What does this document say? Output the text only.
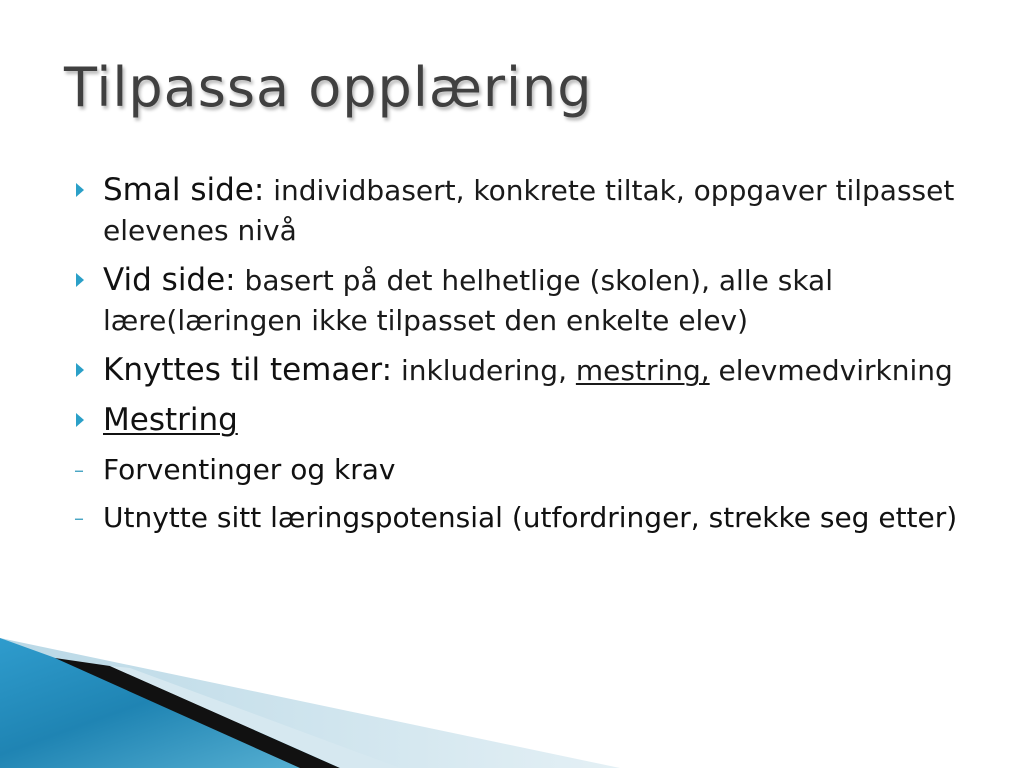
Tilpassa opplæring
Smal side: individbasert, konkrete tiltak, oppgaver tilpasset elevenes nivå
Vid side: basert på det helhetlige (skolen), alle skal lære(læringen ikke tilpasset den enkelte elev)
Knyttes til temaer: inkludering, mestring, elevmedvirkning
Mestring
– Forventinger og krav
– Utnytte sitt læringspotensial (utfordringer, strekke seg etter)
